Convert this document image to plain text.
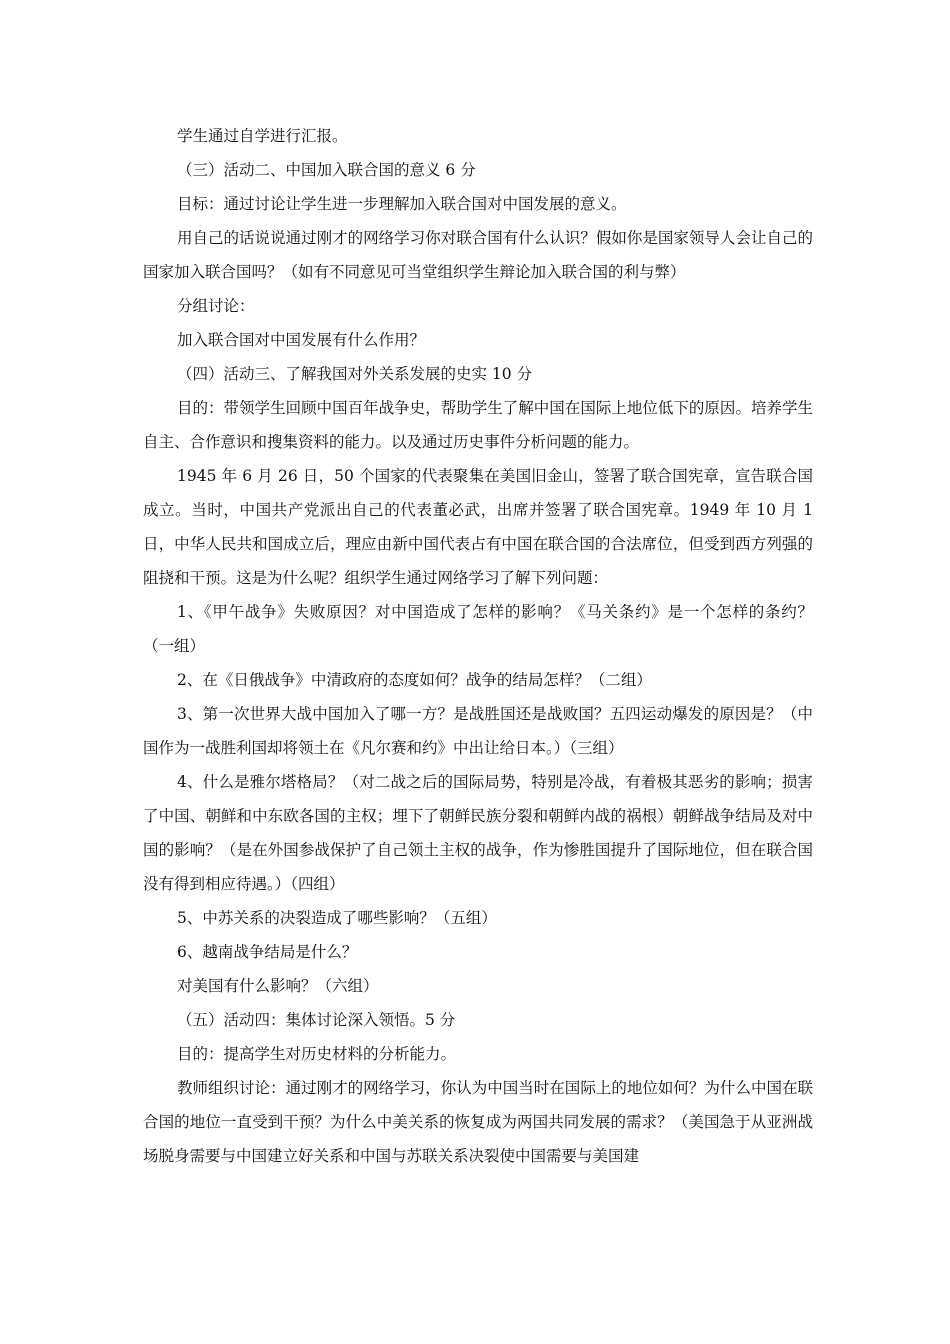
学生通过自学进行汇报。

（三）活动二、中国加入联合国的意义 6 分

目标：通过讨论让学生进一步理解加入联合国对中国发展的意义。

用自己的话说说通过刚才的网络学习你对联合国有什么认识？假如你是国家领导人会让自己的国家加入联合国吗？（如有不同意见可当堂组织学生辩论加入联合国的利与弊）

分组讨论：

加入联合国对中国发展有什么作用？

（四）活动三、了解我国对外关系发展的史实 10 分

目的：带领学生回顾中国百年战争史，帮助学生了解中国在国际上地位低下的原因。培养学生自主、合作意识和搜集资料的能力。以及通过历史事件分析问题的能力。

1945 年 6 月 26 日，50 个国家的代表聚集在美国旧金山，签署了联合国宪章，宣告联合国成立。当时，中国共产党派出自己的代表董必武，出席并签署了联合国宪章。1949 年 10 月 1 日，中华人民共和国成立后，理应由新中国代表占有中国在联合国的合法席位，但受到西方列强的阻挠和干预。这是为什么呢？组织学生通过网络学习了解下列问题：

1、《甲午战争》失败原因？对中国造成了怎样的影响？《马关条约》是一个怎样的条约？（一组）

2、在《日俄战争》中清政府的态度如何？战争的结局怎样？（二组）

3、第一次世界大战中国加入了哪一方？是战胜国还是战败国？五四运动爆发的原因是？（中国作为一战胜利国却将领土在《凡尔赛和约》中出让给日本。）（三组）

4、什么是雅尔塔格局？（对二战之后的国际局势，特别是冷战，有着极其恶劣的影响；损害了中国、朝鲜和中东欧各国的主权；埋下了朝鲜民族分裂和朝鲜内战的祸根）朝鲜战争结局及对中国的影响？（是在外国参战保护了自己领土主权的战争，作为惨胜国提升了国际地位，但在联合国没有得到相应待遇。）（四组）

5、中苏关系的决裂造成了哪些影响？（五组）

6、越南战争结局是什么？

对美国有什么影响？（六组）

（五）活动四：集体讨论深入领悟。5 分

目的：提高学生对历史材料的分析能力。

教师组织讨论：通过刚才的网络学习，你认为中国当时在国际上的地位如何？为什么中国在联合国的地位一直受到干预？为什么中美关系的恢复成为两国共同发展的需求？（美国急于从亚洲战场脱身需要与中国建立好关系和中国与苏联关系决裂使中国需要与美国建
